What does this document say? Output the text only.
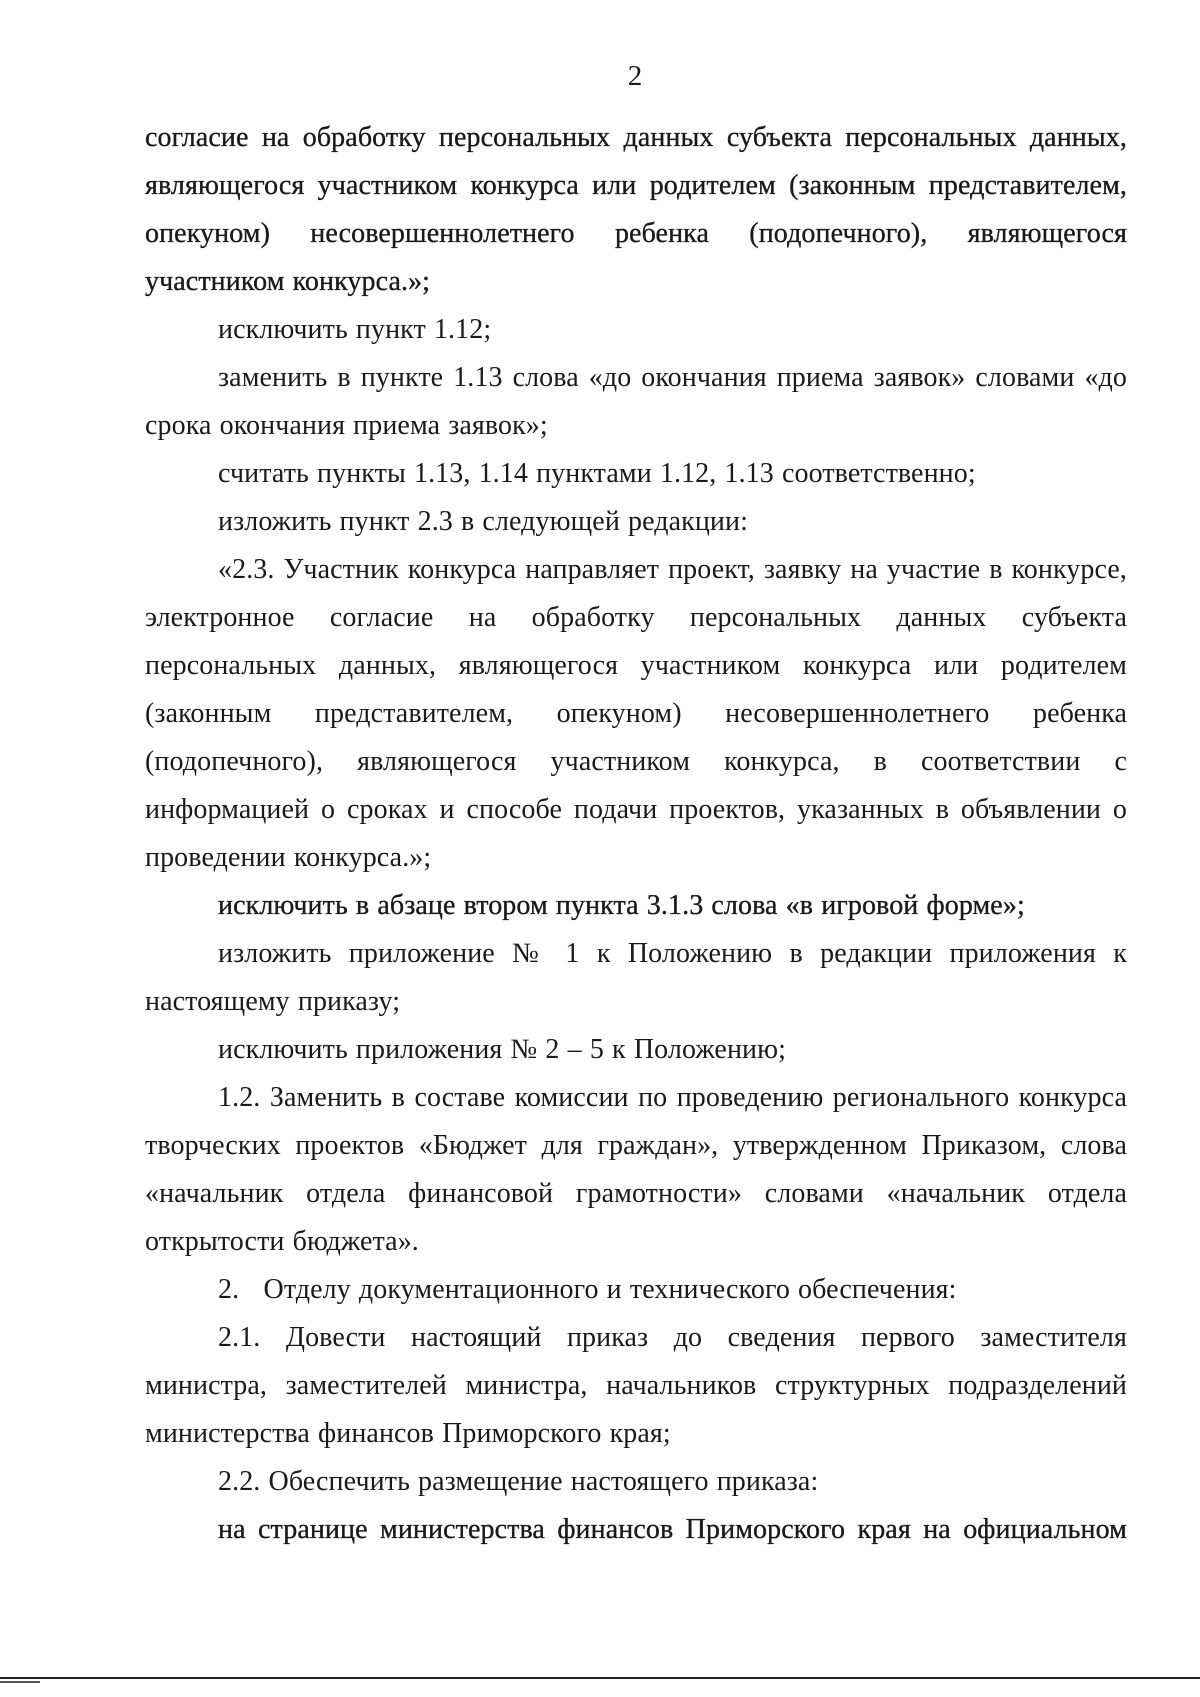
2

согласие на обработку персональных данных субъекта персональных данных, являющегося участником конкурса или родителем (законным представителем, опекуном) несовершеннолетнего ребенка (подопечного), являющегося участником конкурса.»;

исключить пункт 1.12;

заменить в пункте 1.13 слова «до окончания приема заявок» словами «до срока окончания приема заявок»;

считать пункты 1.13, 1.14 пунктами 1.12, 1.13 соответственно;

изложить пункт 2.3 в следующей редакции:

«2.3. Участник конкурса направляет проект, заявку на участие в конкурсе, электронное согласие на обработку персональных данных субъекта персональных данных, являющегося участником конкурса или родителем (законным представителем, опекуном) несовершеннолетнего ребенка (подопечного), являющегося участником конкурса, в соответствии с информацией о сроках и способе подачи проектов, указанных в объявлении о проведении конкурса.»;

исключить в абзаце втором пункта 3.1.3 слова «в игровой форме»;

изложить приложение № 1 к Положению в редакции приложения к настоящему приказу;

исключить приложения № 2 – 5 к Положению;

1.2. Заменить в составе комиссии по проведению регионального конкурса творческих проектов «Бюджет для граждан», утвержденном Приказом, слова «начальник отдела финансовой грамотности» словами «начальник отдела открытости бюджета».

2.   Отделу документационного и технического обеспечения:

2.1. Довести настоящий приказ до сведения первого заместителя министра, заместителей министра, начальников структурных подразделений министерства финансов Приморского края;

2.2. Обеспечить размещение настоящего приказа:

на странице министерства финансов Приморского края на официальном
